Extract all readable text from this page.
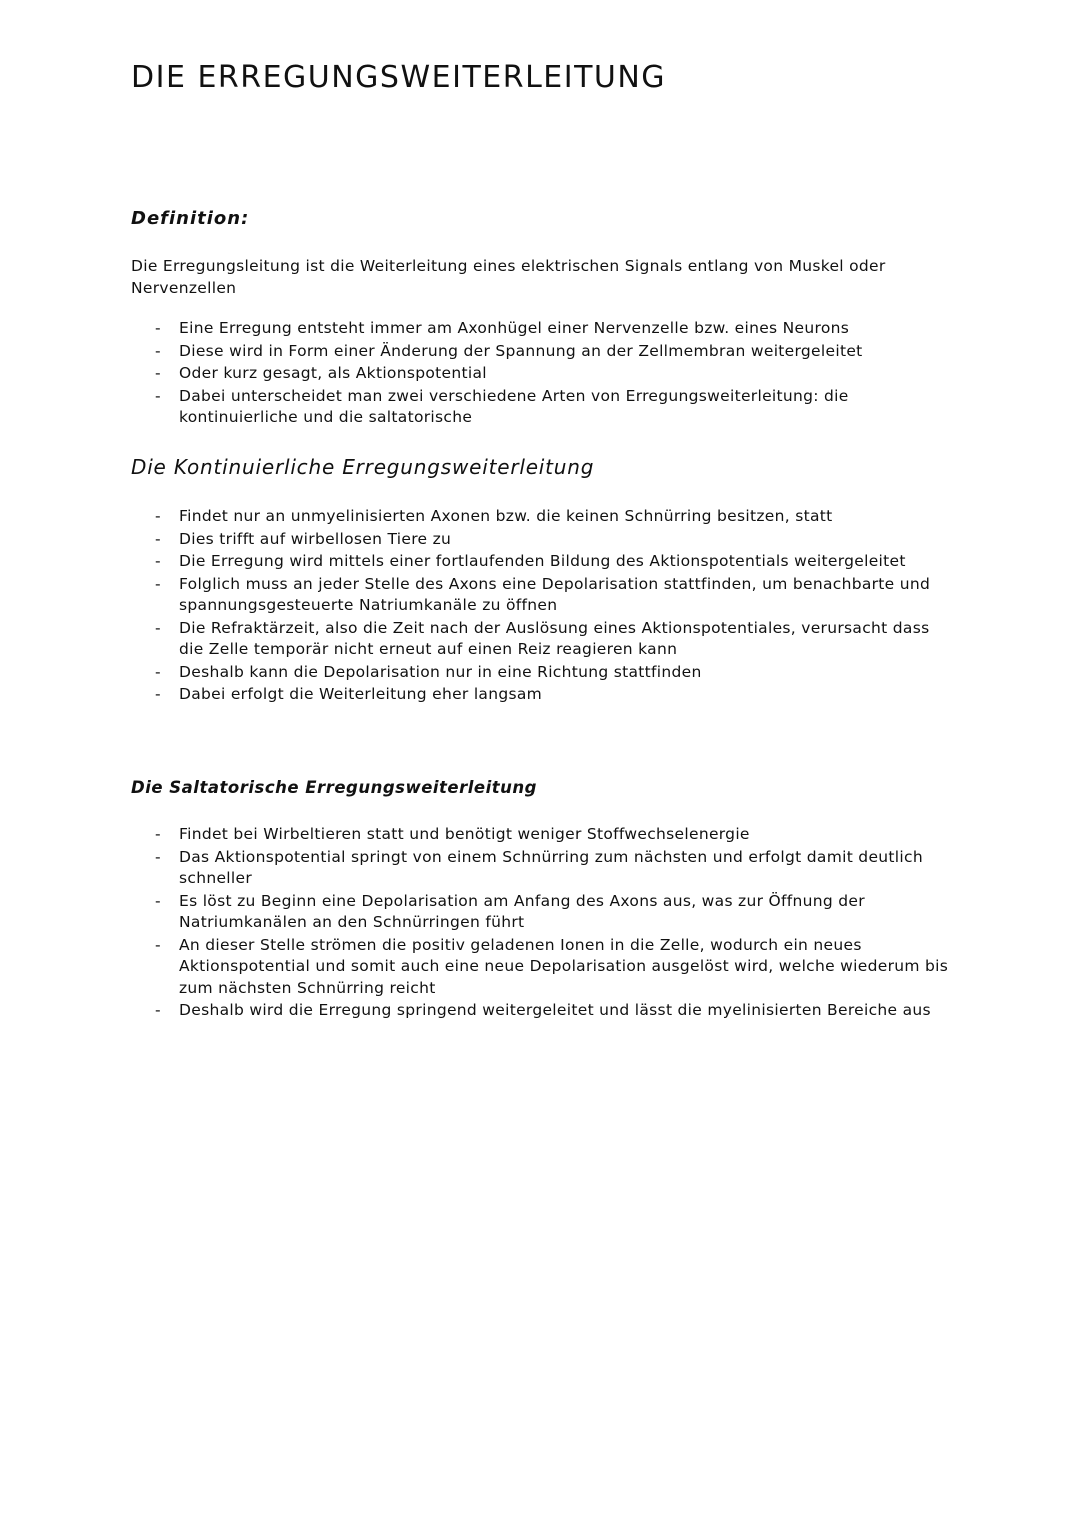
DIE ERREGUNGSWEITERLEITUNG
Definition:

Die Erregungsleitung ist die Weiterleitung eines elektrischen Signals entlang von Muskel oder Nervenzellen

- Eine Erregung entsteht immer am Axonhügel einer Nervenzelle bzw. eines Neurons
- Diese wird in Form einer Änderung der Spannung an der Zellmembran weitergeleitet
- Oder kurz gesagt, als Aktionspotential
- Dabei unterscheidet man zwei verschiedene Arten von Erregungsweiterleitung: die kontinuierliche und die saltatorische
Die Kontinuierliche Erregungsweiterleitung
- Findet nur an unmyelinisierten Axonen bzw. die keinen Schnürring besitzen, statt
- Dies trifft auf wirbellosen Tiere zu
- Die Erregung wird mittels einer fortlaufenden Bildung des Aktionspotentials weitergeleitet
- Folglich muss an jeder Stelle des Axons eine Depolarisation stattfinden, um benachbarte und spannungsgesteuerte Natriumkanäle zu öffnen
- Die Refraktärzeit, also die Zeit nach der Auslösung eines Aktionspotentiales, verursacht dass die Zelle temporär nicht erneut auf einen Reiz reagieren kann
- Deshalb kann die Depolarisation nur in eine Richtung stattfinden
- Dabei erfolgt die Weiterleitung eher langsam
Die Saltatorische Erregungsweiterleitung
- Findet bei Wirbeltieren statt und benötigt weniger Stoffwechselenergie
- Das Aktionspotential springt von einem Schnürring zum nächsten und erfolgt damit deutlich schneller
- Es löst zu Beginn eine Depolarisation am Anfang des Axons aus, was zur Öffnung der Natriumkanälen an den Schnürringen führt
- An dieser Stelle strömen die positiv geladenen Ionen in die Zelle, wodurch ein neues Aktionspotential und somit auch eine neue Depolarisation ausgelöst wird, welche wiederum bis zum nächsten Schnürring reicht
- Deshalb wird die Erregung springend weitergeleitet und lässt die myelinisierten Bereiche aus
